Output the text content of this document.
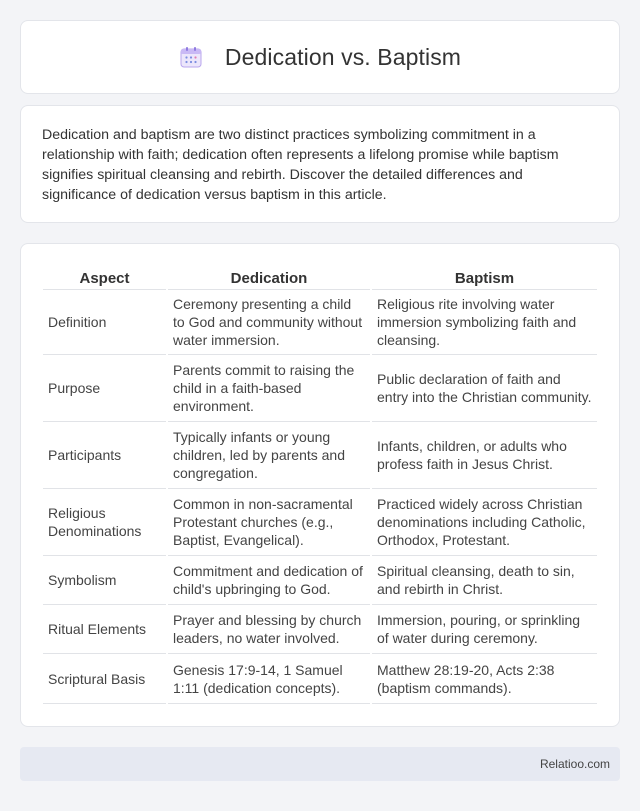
Dedication vs. Baptism

Dedication and baptism are two distinct practices symbolizing commitment in a relationship with faith; dedication often represents a lifelong promise while baptism signifies spiritual cleansing and rebirth. Discover the detailed differences and significance of dedication versus baptism in this article.

Aspect	Dedication	Baptism
Definition	Ceremony presenting a child to God and community without water immersion.	Religious rite involving water immersion symbolizing faith and cleansing.
Purpose	Parents commit to raising the child in a faith-based environment.	Public declaration of faith and entry into the Christian community.
Participants	Typically infants or young children, led by parents and congregation.	Infants, children, or adults who profess faith in Jesus Christ.
Religious Denominations	Common in non-sacramental Protestant churches (e.g., Baptist, Evangelical).	Practiced widely across Christian denominations including Catholic, Orthodox, Protestant.
Symbolism	Commitment and dedication of child's upbringing to God.	Spiritual cleansing, death to sin, and rebirth in Christ.
Ritual Elements	Prayer and blessing by church leaders, no water involved.	Immersion, pouring, or sprinkling of water during ceremony.
Scriptural Basis	Genesis 17:9-14, 1 Samuel 1:11 (dedication concepts).	Matthew 28:19-20, Acts 2:38 (baptism commands).
Relatioo.com
